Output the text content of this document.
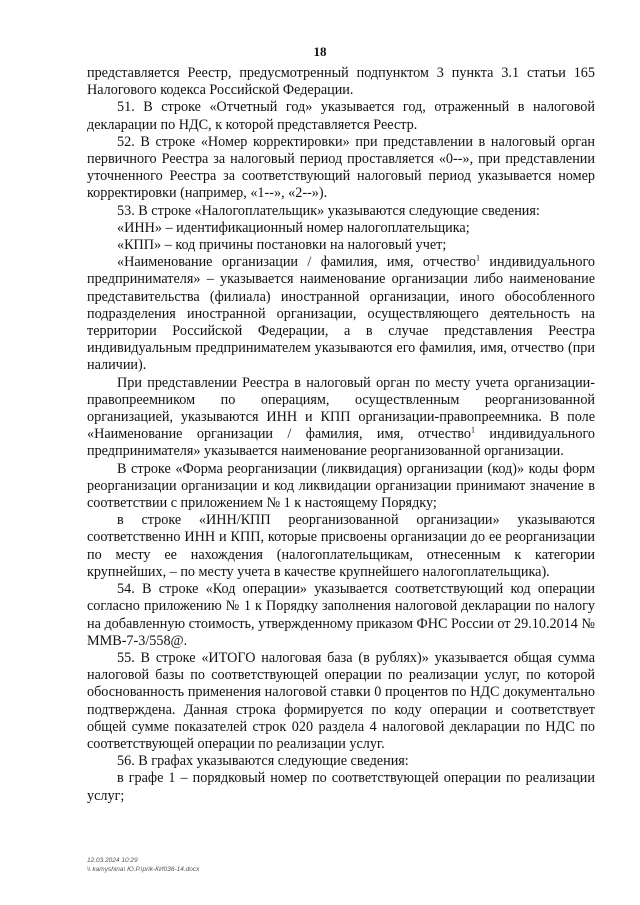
18

представляется Реестр, предусмотренный подпунктом 3 пункта 3.1 статьи 165 Налогового кодекса Российской Федерации.

51. В строке «Отчетный год» указывается год, отраженный в налоговой декларации по НДС, к которой представляется Реестр.

52. В строке «Номер корректировки» при представлении в налоговый орган первичного Реестра за налоговый период проставляется «0--», при представлении уточненного Реестра за соответствующий налоговый период указывается номер корректировки (например, «1--», «2--»).

53. В строке «Налогоплательщик» указываются следующие сведения:

«ИНН» – идентификационный номер налогоплательщика;

«КПП» – код причины постановки на налоговый учет;

«Наименование организации / фамилия, имя, отчество$^1$ индивидуального предпринимателя» – указывается наименование организации либо наименование представительства (филиала) иностранной организации, иного обособленного подразделения иностранной организации, осуществляющего деятельность на территории Российской Федерации, а в случае представления Реестра индивидуальным предпринимателем указываются его фамилия, имя, отчество (при наличии).

При представлении Реестра в налоговый орган по месту учета организации-правопреемником по операциям, осуществленным реорганизованной организацией, указываются ИНН и КПП организации-правопреемника. В поле «Наименование организации / фамилия, имя, отчество$^1$ индивидуального предпринимателя» указывается наименование реорганизованной организации.

В строке «Форма реорганизации (ликвидация) организации (код)» коды форм реорганизации организации и код ликвидации организации принимают значение в соответствии с приложением № 1 к настоящему Порядку;

в строке «ИНН/КПП реорганизованной организации» указываются соответственно ИНН и КПП, которые присвоены организации до ее реорганизации по месту ее нахождения (налогоплательщикам, отнесенным к категории крупнейших, – по месту учета в качестве крупнейшего налогоплательщика).

54. В строке «Код операции» указывается соответствующий код операции согласно приложению № 1 к Порядку заполнения налоговой декларации по налогу на добавленную стоимость, утвержденному приказом ФНС России от 29.10.2014 № ММВ-7-3/558@.

55. В строке «ИТОГО налоговая база (в рублях)» указывается общая сумма налоговой базы по соответствующей операции по реализации услуг, по которой обоснованность применения налоговой ставки 0 процентов по НДС документально подтверждена. Данная строка формируется по коду операции и соответствует общей сумме показателей строк 020 раздела 4 налоговой декларации по НДС по соответствующей операции по реализации услуг.

56. В графах указываются следующие сведения:

в графе 1 – порядковый номер по соответствующей операции по реализации услуг;

12.03.2024 10:29
\\ kamyshina\ Ю.Р.\prik-КИ036-14.docx
